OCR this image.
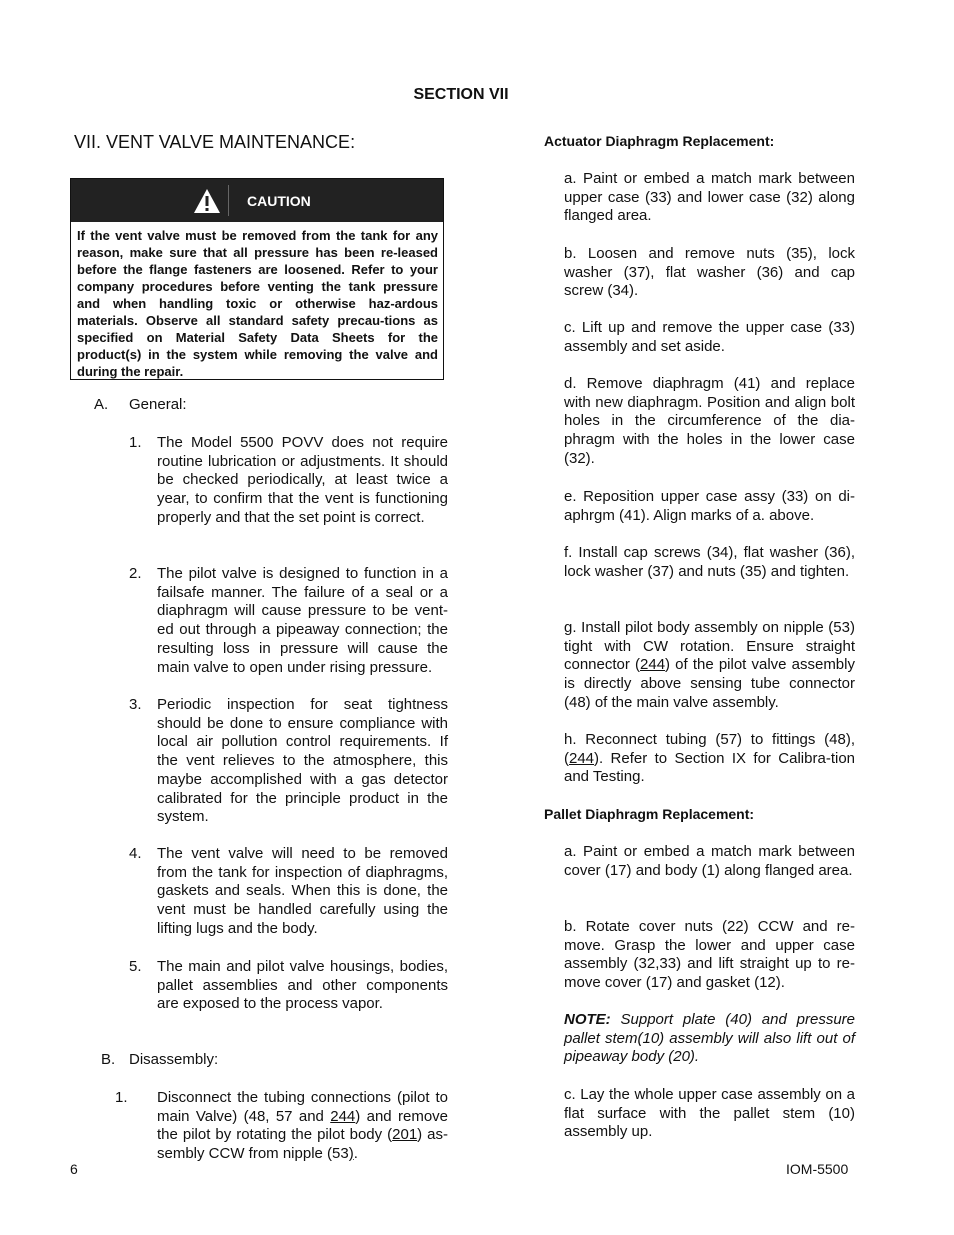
SECTION VII
VII. VENT VALVE MAINTENANCE:
CAUTION
If the vent valve must be removed from the tank for any reason, make sure that all pressure has been re-leased before the flange fasteners are loosened. Refer to your company procedures before venting the tank pressure and when handling toxic or otherwise haz-ardous materials. Observe all standard safety precau-tions as specified on Material Safety Data Sheets for the product(s) in the system while removing the valve and during the repair.
A. General:
1. The Model 5500 POVV does not require routine lubrication or adjustments. It should be checked periodically, at least twice a year, to confirm that the vent is functioning properly and that the set point is correct.
2. The pilot valve is designed to function in a failsafe manner. The failure of a seal or a diaphragm will cause pressure to be vent-ed out through a pipeaway connection; the resulting loss in pressure will cause the main valve to open under rising pressure.
3. Periodic inspection for seat tightness should be done to ensure compliance with local air pollution control requirements. If the vent relieves to the atmosphere, this maybe accomplished with a gas detector calibrated for the principle product in the system.
4. The vent valve will need to be removed from the tank for inspection of diaphragms, gaskets and seals. When this is done, the vent must be handled carefully using the lifting lugs and the body.
5. The main and pilot valve housings, bodies, pallet assemblies and other components are exposed to the process vapor.
B. Disassembly:
1. Disconnect the tubing connections (pilot to main Valve) (48, 57 and 244) and remove the pilot by rotating the pilot body (201) as-sembly CCW from nipple (53).
Actuator Diaphragm Replacement:
a. Paint or embed a match mark between upper case (33) and lower case (32) along flanged area.
b. Loosen and remove nuts (35), lock washer (37), flat washer (36) and cap screw (34).
c. Lift up and remove the upper case (33) assembly and set aside.
d. Remove diaphragm (41) and replace with new diaphragm. Position and align bolt holes in the circumference of the dia-phragm with the holes in the lower case (32).
e. Reposition upper case assy (33) on di-aphrgm (41). Align marks of a. above.
f. Install cap screws (34), flat washer (36), lock washer (37) and nuts (35) and tighten.
g. Install pilot body assembly on nipple (53) tight with CW rotation. Ensure straight connector (244) of the pilot valve assembly is directly above sensing tube connector (48) of the main valve assembly.
h. Reconnect tubing (57) to fittings (48),(244). Refer to Section IX for Calibra-tion and Testing.
Pallet Diaphragm Replacement:
a. Paint or embed a match mark between cover (17) and body (1) along flanged area.
b. Rotate cover nuts (22) CCW and re-move. Grasp the lower and upper case assembly (32,33) and lift straight up to re-move cover (17) and gasket (12).
NOTE: Support plate (40) and pressure pallet stem(10) assembly will also lift out of pipeaway body (20).
c. Lay the whole upper case assembly on a flat surface with the pallet stem (10) assembly up.
6	IOM-5500
